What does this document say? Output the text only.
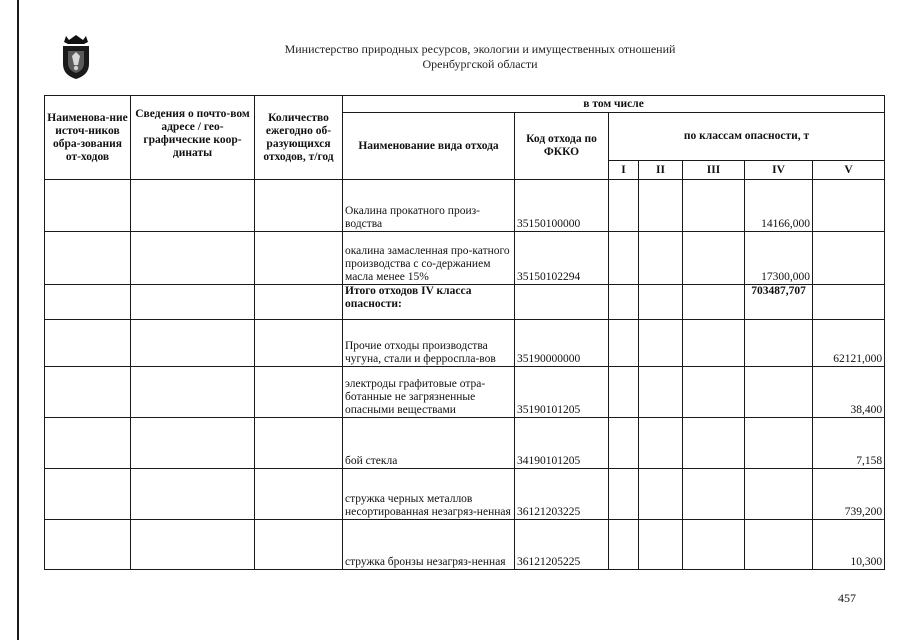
Министерство природных ресурсов, экологии и имущественных отношений
Оренбургской области
Наименова-ние источ-ников обра-зования от-ходов	Сведения о почто-вом адресе / гео-графические коор-динаты	Количество ежегодно об-разующихся отходов, т/год	в том числе						
			Наименование вида отхода	Код отхода по ФККО	по классам опасности, т				
					I	II	III	IV	V
			Окалина прокатного произ-водства	35150100000				14166,000	
			окалина замасленная про-катного производства с со-держанием масла менее 15%	35150102294				17300,000	
			Итого отходов IV класса опасности:					703487,707	
			Прочие отходы производства чугуна, стали и ферроспла-вов	35190000000					62121,000
			электроды графитовые отра-ботанные не загрязненные опасными веществами	35190101205					38,400
			бой стекла	34190101205					7,158
			стружка черных металлов несортированная незагряз-ненная	36121203225					739,200
			стружка бронзы незагряз-ненная	36121205225					10,300
457
